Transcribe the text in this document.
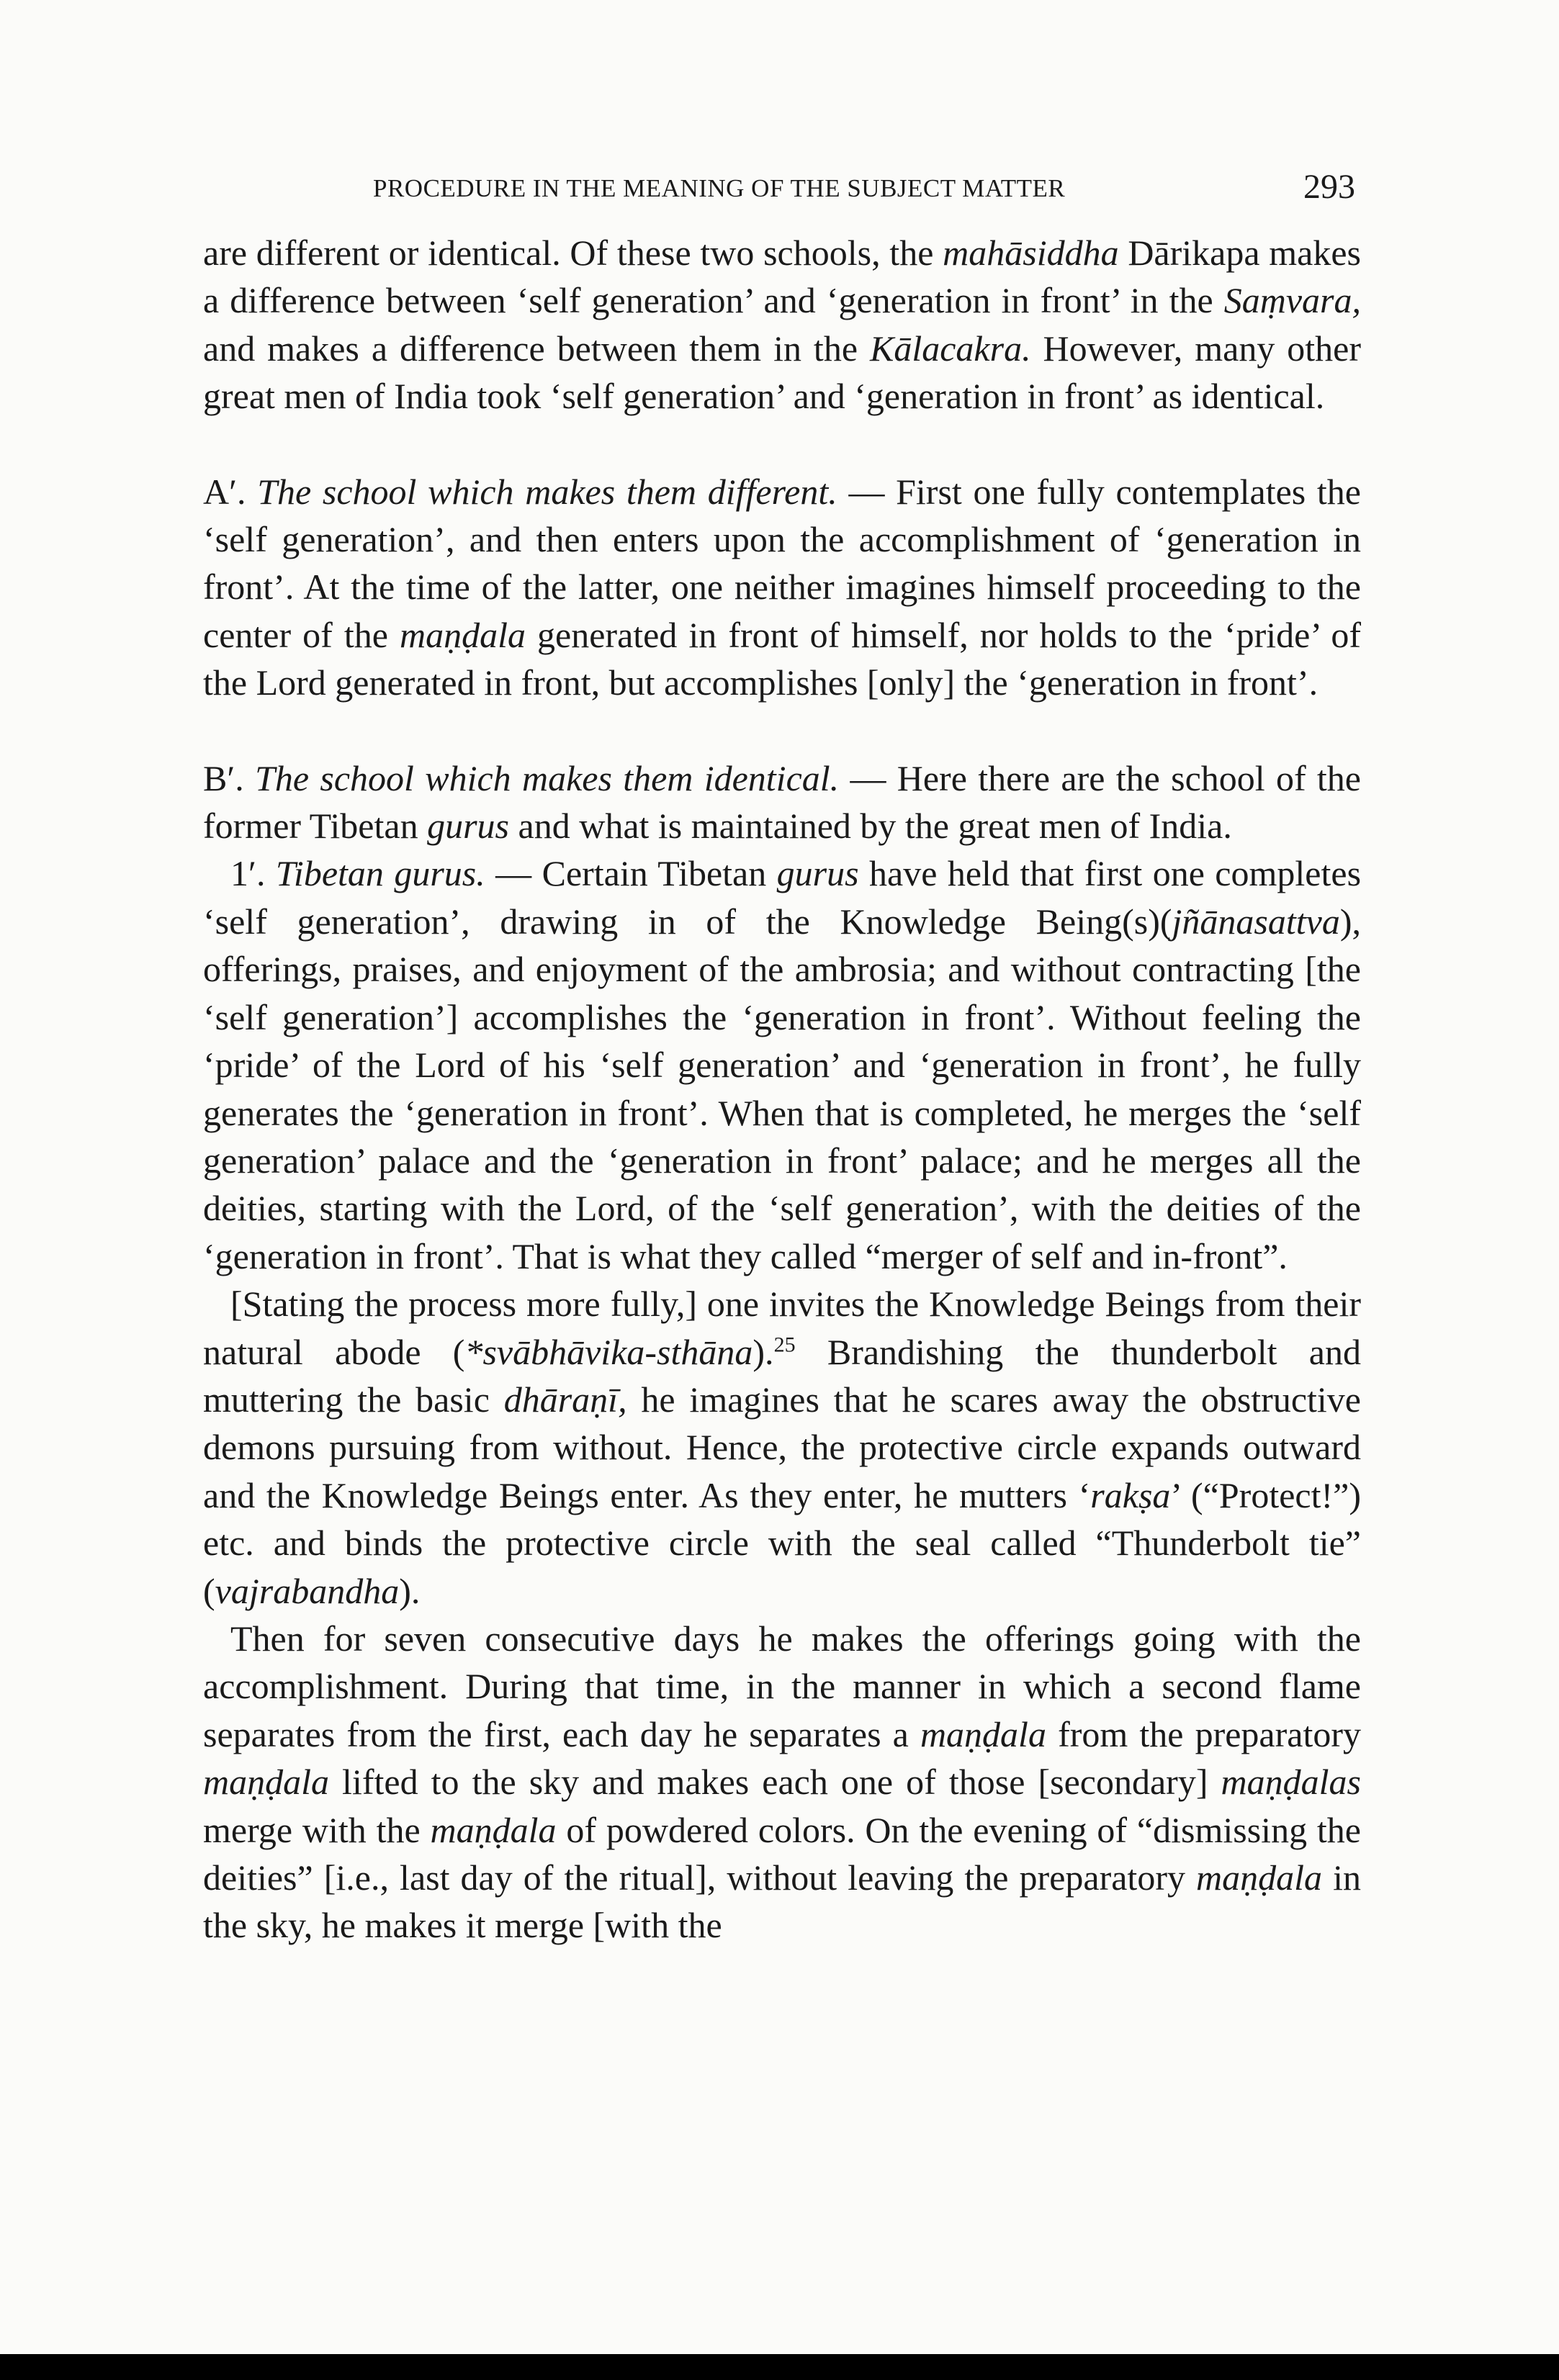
PROCEDURE IN THE MEANING OF THE SUBJECT MATTER	293

are different or identical. Of these two schools, the mahāsiddha Dārikapa makes a difference between ‘self generation’ and ‘generation in front’ in the Saṃvara, and makes a difference between them in the Kālacakra. However, many other great men of India took ‘self generation’ and ‘generation in front’ as identical.

A′. The school which makes them different. — First one fully contemplates the ‘self generation’, and then enters upon the accomplishment of ‘generation in front’. At the time of the latter, one neither imagines himself proceeding to the center of the maṇḍala generated in front of himself, nor holds to the ‘pride’ of the Lord generated in front, but accomplishes [only] the ‘generation in front’.

B′. The school which makes them identical. — Here there are the school of the former Tibetan gurus and what is maintained by the great men of India.

1′. Tibetan gurus. — Certain Tibetan gurus have held that first one completes ‘self generation’, drawing in of the Knowledge Being(s)(jñānasattva), offerings, praises, and enjoyment of the ambrosia; and without contracting [the ‘self generation’] accomplishes the ‘generation in front’. Without feeling the ‘pride’ of the Lord of his ‘self generation’ and ‘generation in front’, he fully generates the ‘generation in front’. When that is completed, he merges the ‘self generation’ palace and the ‘generation in front’ palace; and he merges all the deities, starting with the Lord, of the ‘self generation’, with the deities of the ‘generation in front’. That is what they called “merger of self and in-front”.

[Stating the process more fully,] one invites the Knowledge Beings from their natural abode (*svābhāvika-sthāna).$^{25}$ Brandishing the thunderbolt and muttering the basic dhāraṇī, he imagines that he scares away the obstructive demons pursuing from without. Hence, the protective circle expands outward and the Knowledge Beings enter. As they enter, he mutters ‘rakṣa’ (“Protect!”) etc. and binds the protective circle with the seal called “Thunderbolt tie” (vajrabandha).

Then for seven consecutive days he makes the offerings going with the accomplishment. During that time, in the manner in which a second flame separates from the first, each day he separates a maṇḍala from the preparatory maṇḍala lifted to the sky and makes each one of those [secondary] maṇḍalas merge with the maṇḍala of powdered colors. On the evening of “dismissing the deities” [i.e., last day of the ritual], without leaving the preparatory maṇḍala in the sky, he makes it merge [with the
